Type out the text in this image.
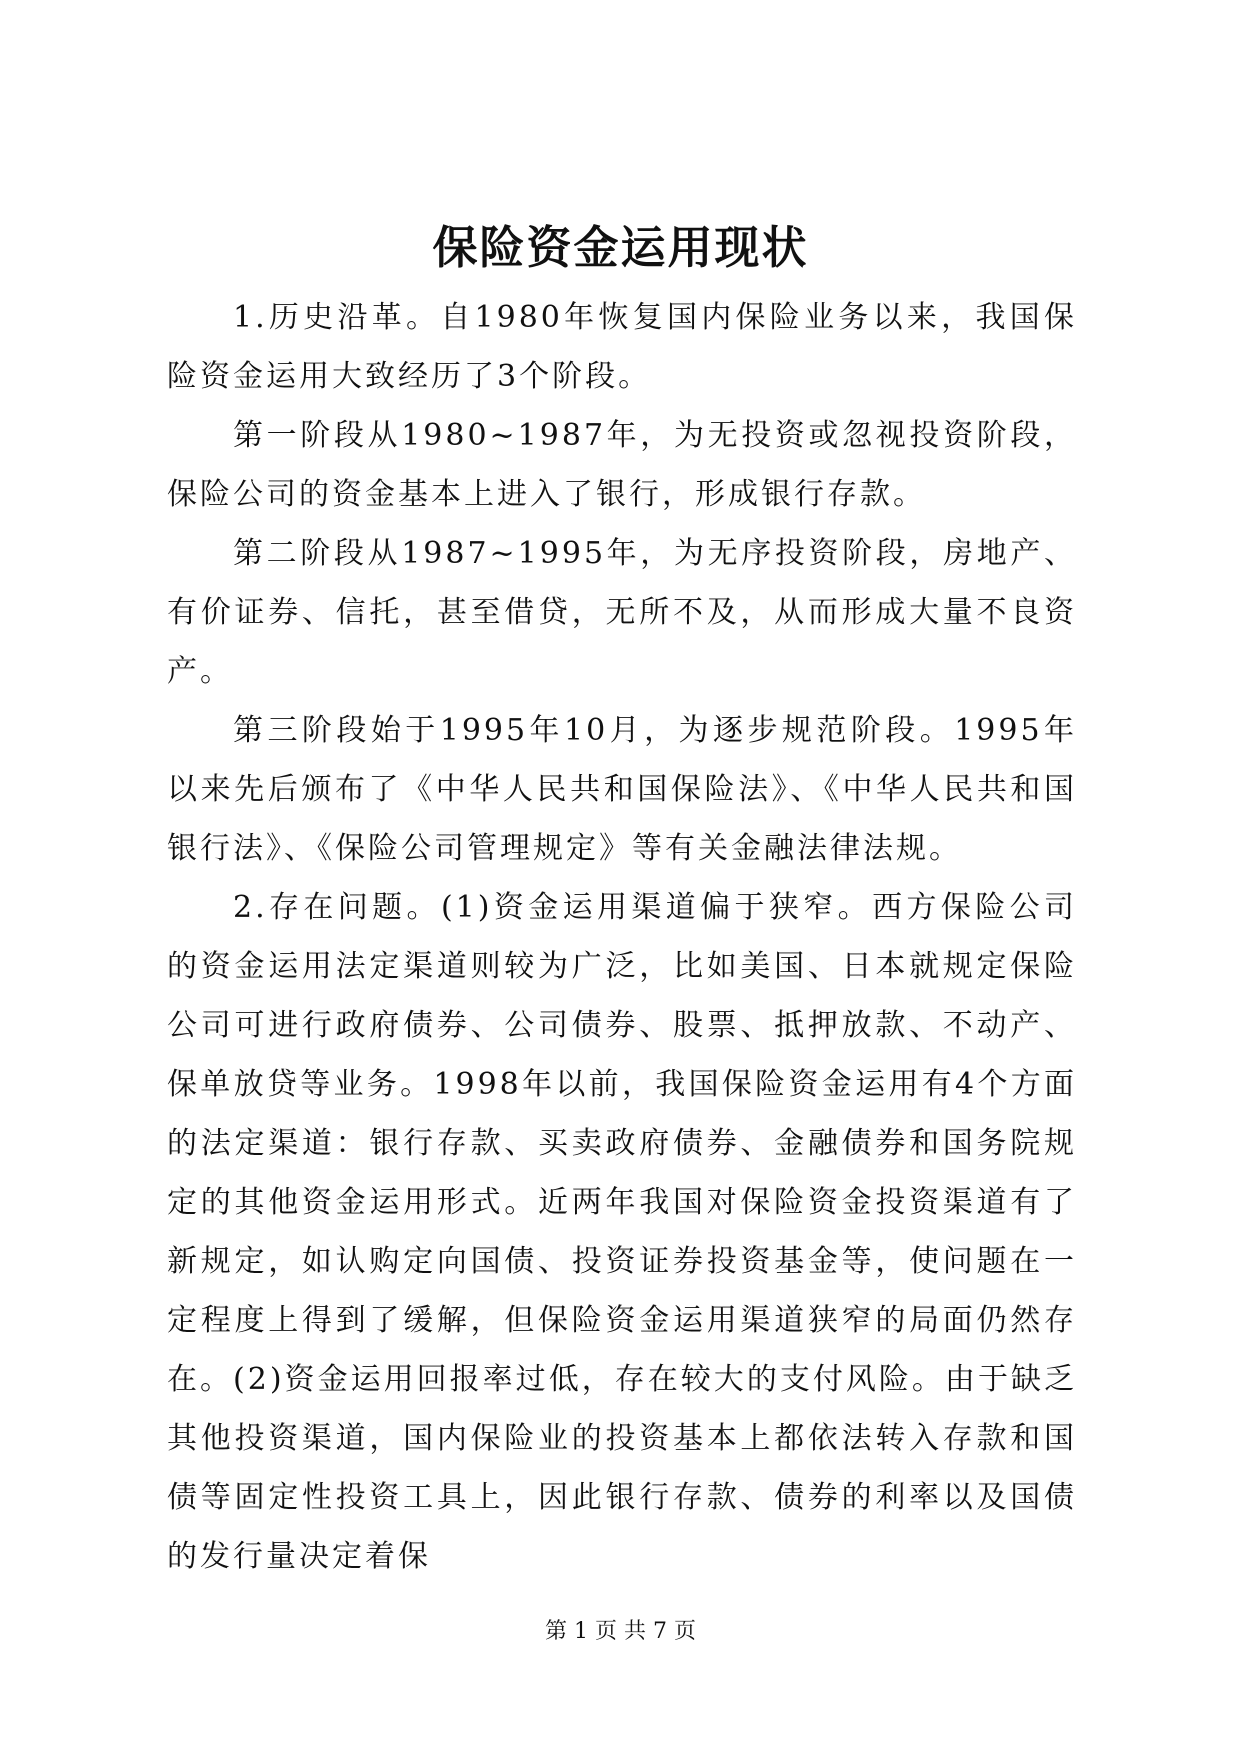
保险资金运用现状

1.历史沿革。自1980年恢复国内保险业务以来，我国保险资金运用大致经历了3个阶段。

第一阶段从1980~1987年，为无投资或忽视投资阶段，保险公司的资金基本上进入了银行，形成银行存款。

第二阶段从1987~1995年，为无序投资阶段，房地产、有价证券、信托，甚至借贷，无所不及，从而形成大量不良资产。

第三阶段始于1995年10月，为逐步规范阶段。1995年以来先后颁布了《中华人民共和国保险法》、《中华人民共和国银行法》、《保险公司管理规定》等有关金融法律法规。

2.存在问题。(1)资金运用渠道偏于狭窄。西方保险公司的资金运用法定渠道则较为广泛，比如美国、日本就规定保险公司可进行政府债券、公司债券、股票、抵押放款、不动产、保单放贷等业务。1998年以前，我国保险资金运用有4个方面的法定渠道：银行存款、买卖政府债券、金融债券和国务院规定的其他资金运用形式。近两年我国对保险资金投资渠道有了新规定，如认购定向国债、投资证券投资基金等，使问题在一定程度上得到了缓解，但保险资金运用渠道狭窄的局面仍然存在。(2)资金运用回报率过低，存在较大的支付风险。由于缺乏其他投资渠道，国内保险业的投资基本上都依法转入存款和国债等固定性投资工具上，因此银行存款、债券的利率以及国债的发行量决定着保

第 1 页 共 7 页
